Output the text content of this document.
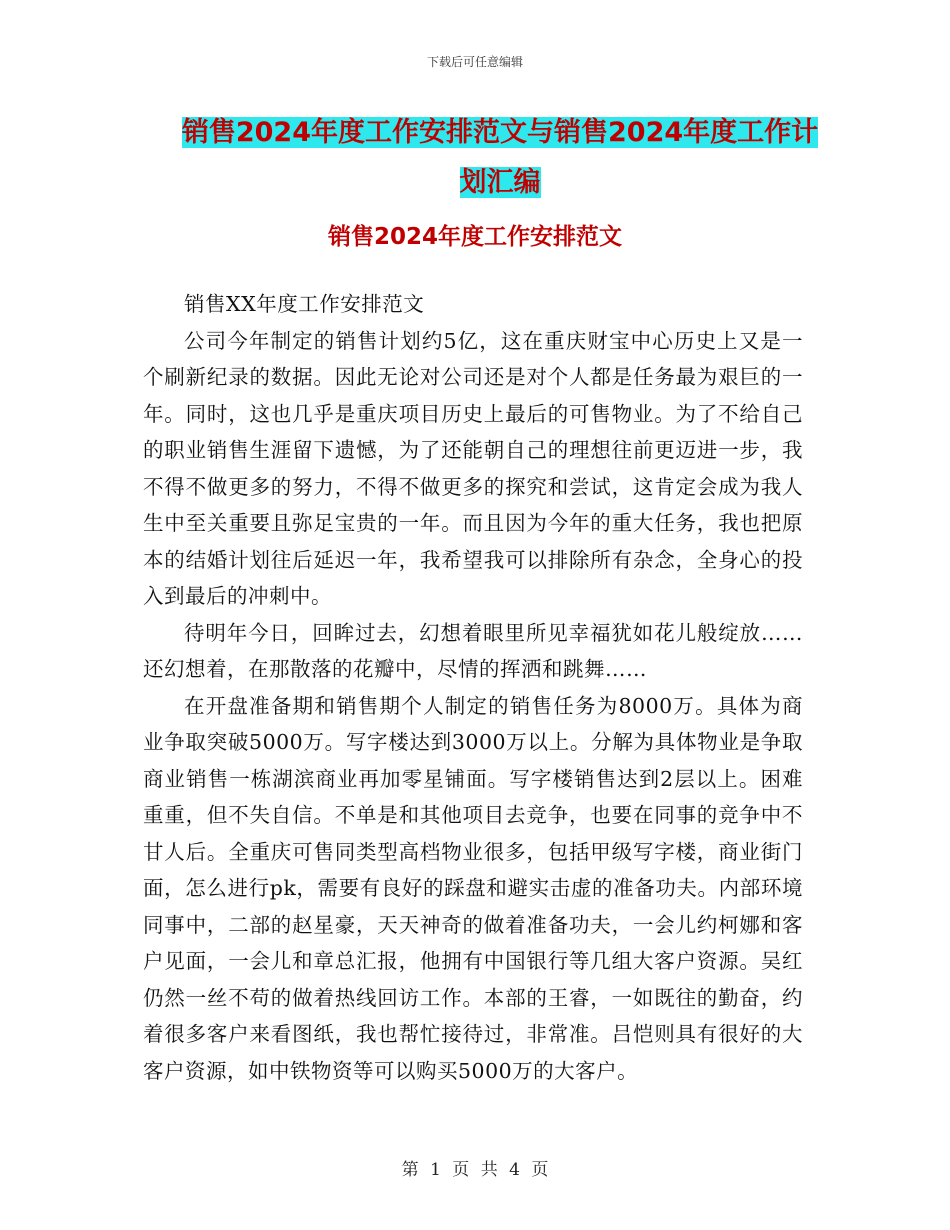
下载后可任意编辑
销售2024年度工作安排范文与销售2024年度工作计
划汇编
销售2024年度工作安排范文

销售XX年度工作安排范文

公司今年制定的销售计划约5亿，这在重庆财宝中心历史上又是一个刷新纪录的数据。因此无论对公司还是对个人都是任务最为艰巨的一年。同时，这也几乎是重庆项目历史上最后的可售物业。为了不给自己的职业销售生涯留下遗憾，为了还能朝自己的理想往前更迈进一步，我不得不做更多的努力，不得不做更多的探究和尝试，这肯定会成为我人生中至关重要且弥足宝贵的一年。而且因为今年的重大任务，我也把原本的结婚计划往后延迟一年，我希望我可以排除所有杂念，全身心的投入到最后的冲刺中。

待明年今日，回眸过去，幻想着眼里所见幸福犹如花儿般绽放……还幻想着，在那散落的花瓣中，尽情的挥洒和跳舞……

在开盘准备期和销售期个人制定的销售任务为8000万。具体为商业争取突破5000万。写字楼达到3000万以上。分解为具体物业是争取商业销售一栋湖滨商业再加零星铺面。写字楼销售达到2层以上。困难重重，但不失自信。不单是和其他项目去竞争，也要在同事的竞争中不甘人后。全重庆可售同类型高档物业很多，包括甲级写字楼，商业街门面，怎么进行pk，需要有良好的踩盘和避实击虚的准备功夫。内部环境同事中，二部的赵星豪，天天神奇的做着准备功夫，一会儿约柯娜和客户见面，一会儿和章总汇报，他拥有中国银行等几组大客户资源。吴红仍然一丝不苟的做着热线回访工作。本部的王睿，一如既往的勤奋，约着很多客户来看图纸，我也帮忙接待过，非常准。吕恺则具有很好的大客户资源，如中铁物资等可以购买5000万的大客户。

第 1 页 共 4 页
